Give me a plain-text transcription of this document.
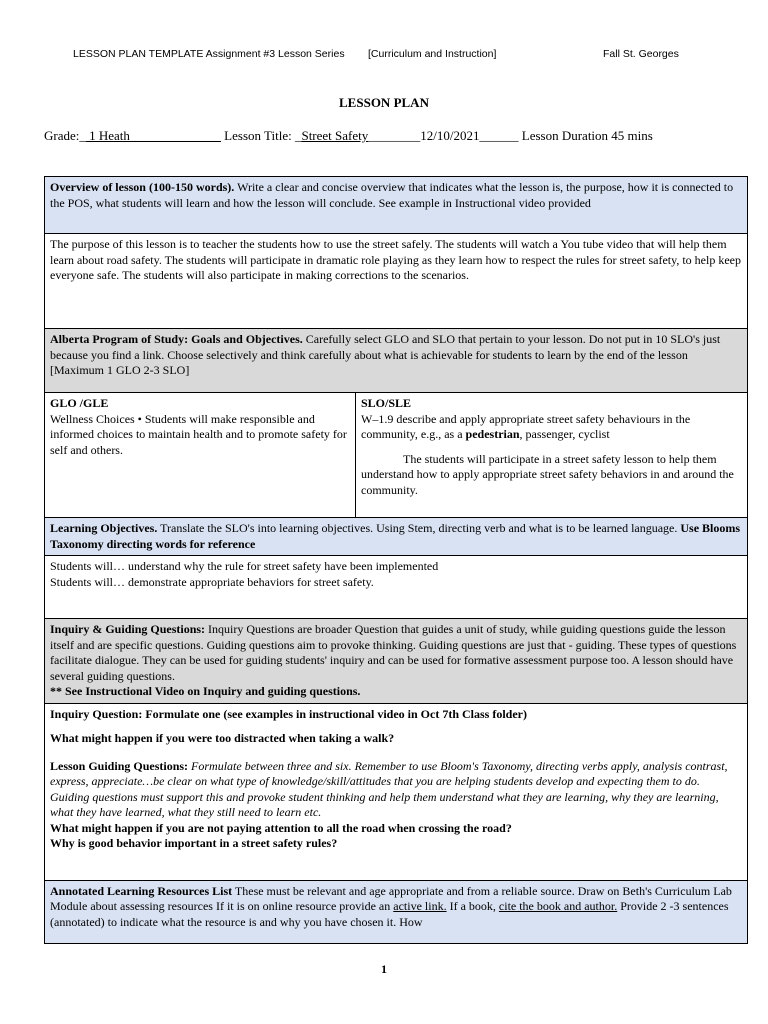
LESSON PLAN TEMPLATE Assignment #3 Lesson Series [Curriculum and Instruction]	Fall St. Georges
LESSON PLAN
Grade:_ 1 Heath______________ Lesson Title: _Street Safety________12/10/2021______ Lesson Duration 45 mins
Overview of lesson (100-150 words). Write a clear and concise overview that indicates what the lesson is, the purpose, how it is connected to the POS, what students will learn and how the lesson will conclude. See example in Instructional video provided
The purpose of this lesson is to teacher the students how to use the street safely. The students will watch a You tube video that will help them learn about road safety. The students will participate in dramatic role playing as they learn how to respect the rules for street safety, to help keep everyone safe. The students will also participate in making corrections to the scenarios.
Alberta Program of Study: Goals and Objectives. Carefully select GLO and SLO that pertain to your lesson. Do not put in 10 SLO's just because you find a link. Choose selectively and think carefully about what is achievable for students to learn by the end of the lesson [Maximum 1 GLO 2-3 SLO]

GLO /GLE

Wellness Choices • Students will make responsible and informed choices to maintain health and to promote safety for self and others.

SLO/SLE

W–1.9 describe and apply appropriate street safety behaviours in the community, e.g., as a pedestrian, passenger, cyclist

The students will participate in a street safety lesson to help them understand how to apply appropriate street safety behaviors in and around the community.

Learning Objectives. Translate the SLO's into learning objectives. Using Stem, directing verb and what is to be learned language. Use Blooms Taxonomy directing words for reference

Students will… understand why the rule for street safety have been implemented

Students will… demonstrate appropriate behaviors for street safety.

Inquiry & Guiding Questions: Inquiry Questions are broader Question that guides a unit of study, while guiding questions guide the lesson itself and are specific questions. Guiding questions aim to provoke thinking. Guiding questions are just that - guiding. These types of questions facilitate dialogue. They can be used for guiding students' inquiry and can be used for formative assessment purpose too. A lesson should have several guiding questions.

** See Instructional Video on Inquiry and guiding questions.

Inquiry Question: Formulate one (see examples in instructional video in Oct 7th Class folder)

What might happen if you were too distracted when taking a walk?

Lesson Guiding Questions: Formulate between three and six. Remember to use Bloom's Taxonomy, directing verbs apply, analysis contrast, express, appreciate…be clear on what type of knowledge/skill/attitudes that you are helping students develop and expecting them to do. Guiding questions must support this and provoke student thinking and help them understand what they are learning, why they are learning, what they have learned, what they still need to learn etc.

What might happen if you are not paying attention to all the road when crossing the road?

Why is good behavior important in a street safety rules?

Annotated Learning Resources List These must be relevant and age appropriate and from a reliable source. Draw on Beth's Curriculum Lab Module about assessing resources If it is on online resource provide an active link. If a book, cite the book and author. Provide 2 -3 sentences (annotated) to indicate what the resource is and why you have chosen it. How
1
